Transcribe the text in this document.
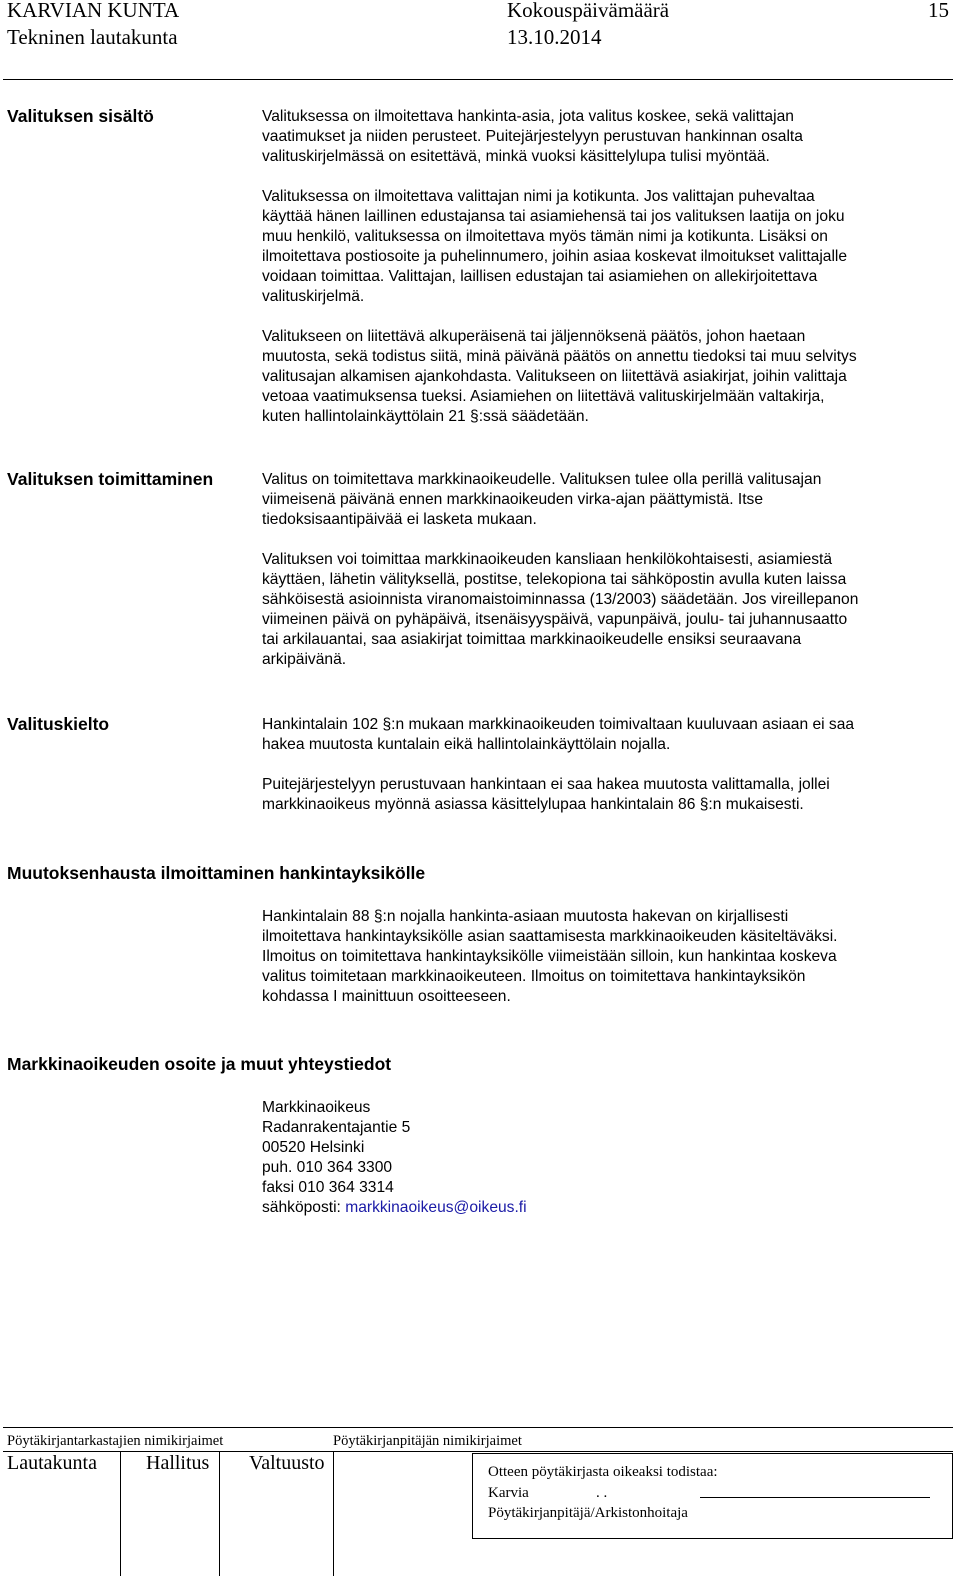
KARVIAN KUNTA
Tekninen lautakunta
Kokouspäivämäärä
13.10.2014
15
Valituksen sisältö	Valituksessa on ilmoitettava hankinta-asia, jota valitus koskee, sekä valittajan
vaatimukset ja niiden perusteet. Puitejärjestelyyn perustuvan hankinnan osalta
valituskirjelmässä on esitettävä, minkä vuoksi käsittelylupa tulisi myöntää.
Valituksessa on ilmoitettava valittajan nimi ja kotikunta. Jos valittajan puhevaltaa
käyttää hänen laillinen edustajansa tai asiamiehensä tai jos valituksen laatija on joku
muu henkilö, valituksessa on ilmoitettava myös tämän nimi ja kotikunta. Lisäksi on
ilmoitettava postiosoite ja puhelinnumero, joihin asiaa koskevat ilmoitukset valittajalle
voidaan toimittaa. Valittajan, laillisen edustajan tai asiamiehen on allekirjoitettava
valituskirjelmä.
Valitukseen on liitettävä alkuperäisenä tai jäljennöksenä päätös, johon haetaan
muutosta, sekä todistus siitä, minä päivänä päätös on annettu tiedoksi tai muu selvitys
valitusajan alkamisen ajankohdasta. Valitukseen on liitettävä asiakirjat, joihin valittaja
vetoaa vaatimuksensa tueksi. Asiamiehen on liitettävä valituskirjelmään valtakirja,
kuten hallintolainkäyttölain 21 §:ssä säädetään.
Valituksen toimittaminen	Valitus on toimitettava markkinaoikeudelle. Valituksen tulee olla perillä valitusajan
viimeisenä päivänä ennen markkinaoikeuden virka-ajan päättymistä. Itse
tiedoksisaantipäivää ei lasketa mukaan.
Valituksen voi toimittaa markkinaoikeuden kansliaan henkilökohtaisesti, asiamiestä
käyttäen, lähetin välityksellä, postitse, telekopiona tai sähköpostin avulla kuten laissa
sähköisestä asioinnista viranomaistoiminnassa (13/2003) säädetään. Jos vireillepanon
viimeinen päivä on pyhäpäivä, itsenäisyyspäivä, vapunpäivä, joulu- tai juhannusaatto
tai arkilauantai, saa asiakirjat toimittaa markkinaoikeudelle ensiksi seuraavana
arkipäivänä.
Valituskielto	Hankintalain 102 §:n mukaan markkinaoikeuden toimivaltaan kuuluvaan asiaan ei saa
hakea muutosta kuntalain eikä hallintolainkäyttölain nojalla.
Puitejärjestelyyn perustuvaan hankintaan ei saa hakea muutosta valittamalla, jollei
markkinaoikeus myönnä asiassa käsittelylupaa hankintalain 86 §:n mukaisesti.
Muutoksenhausta ilmoittaminen hankintayksikölle
Hankintalain 88 §:n nojalla hankinta-asiaan muutosta hakevan on kirjallisesti
ilmoitettava hankintayksikölle asian saattamisesta markkinaoikeuden käsiteltäväksi.
Ilmoitus on toimitettava hankintayksikölle viimeistään silloin, kun hankintaa koskeva
valitus toimitetaan markkinaoikeuteen. Ilmoitus on toimitettava hankintayksikön
kohdassa I mainittuun osoitteeseen.
Markkinaoikeuden osoite ja muut yhteystiedot
Markkinaoikeus
Radanrakentajantie 5
00520 Helsinki
puh. 010 364 3300
faksi 010 364 3314
sähköposti: markkinaoikeus@oikeus.fi
Pöytäkirjantarkastajien nimikirjaimet	Pöytäkirjanpitäjän nimikirjaimet
Lautakunta Hallitus Valtuusto	Otteen pöytäkirjasta oikeaksi todistaa:
Karvia	. .
Pöytäkirjanpitäjä/Arkistonhoitaja
